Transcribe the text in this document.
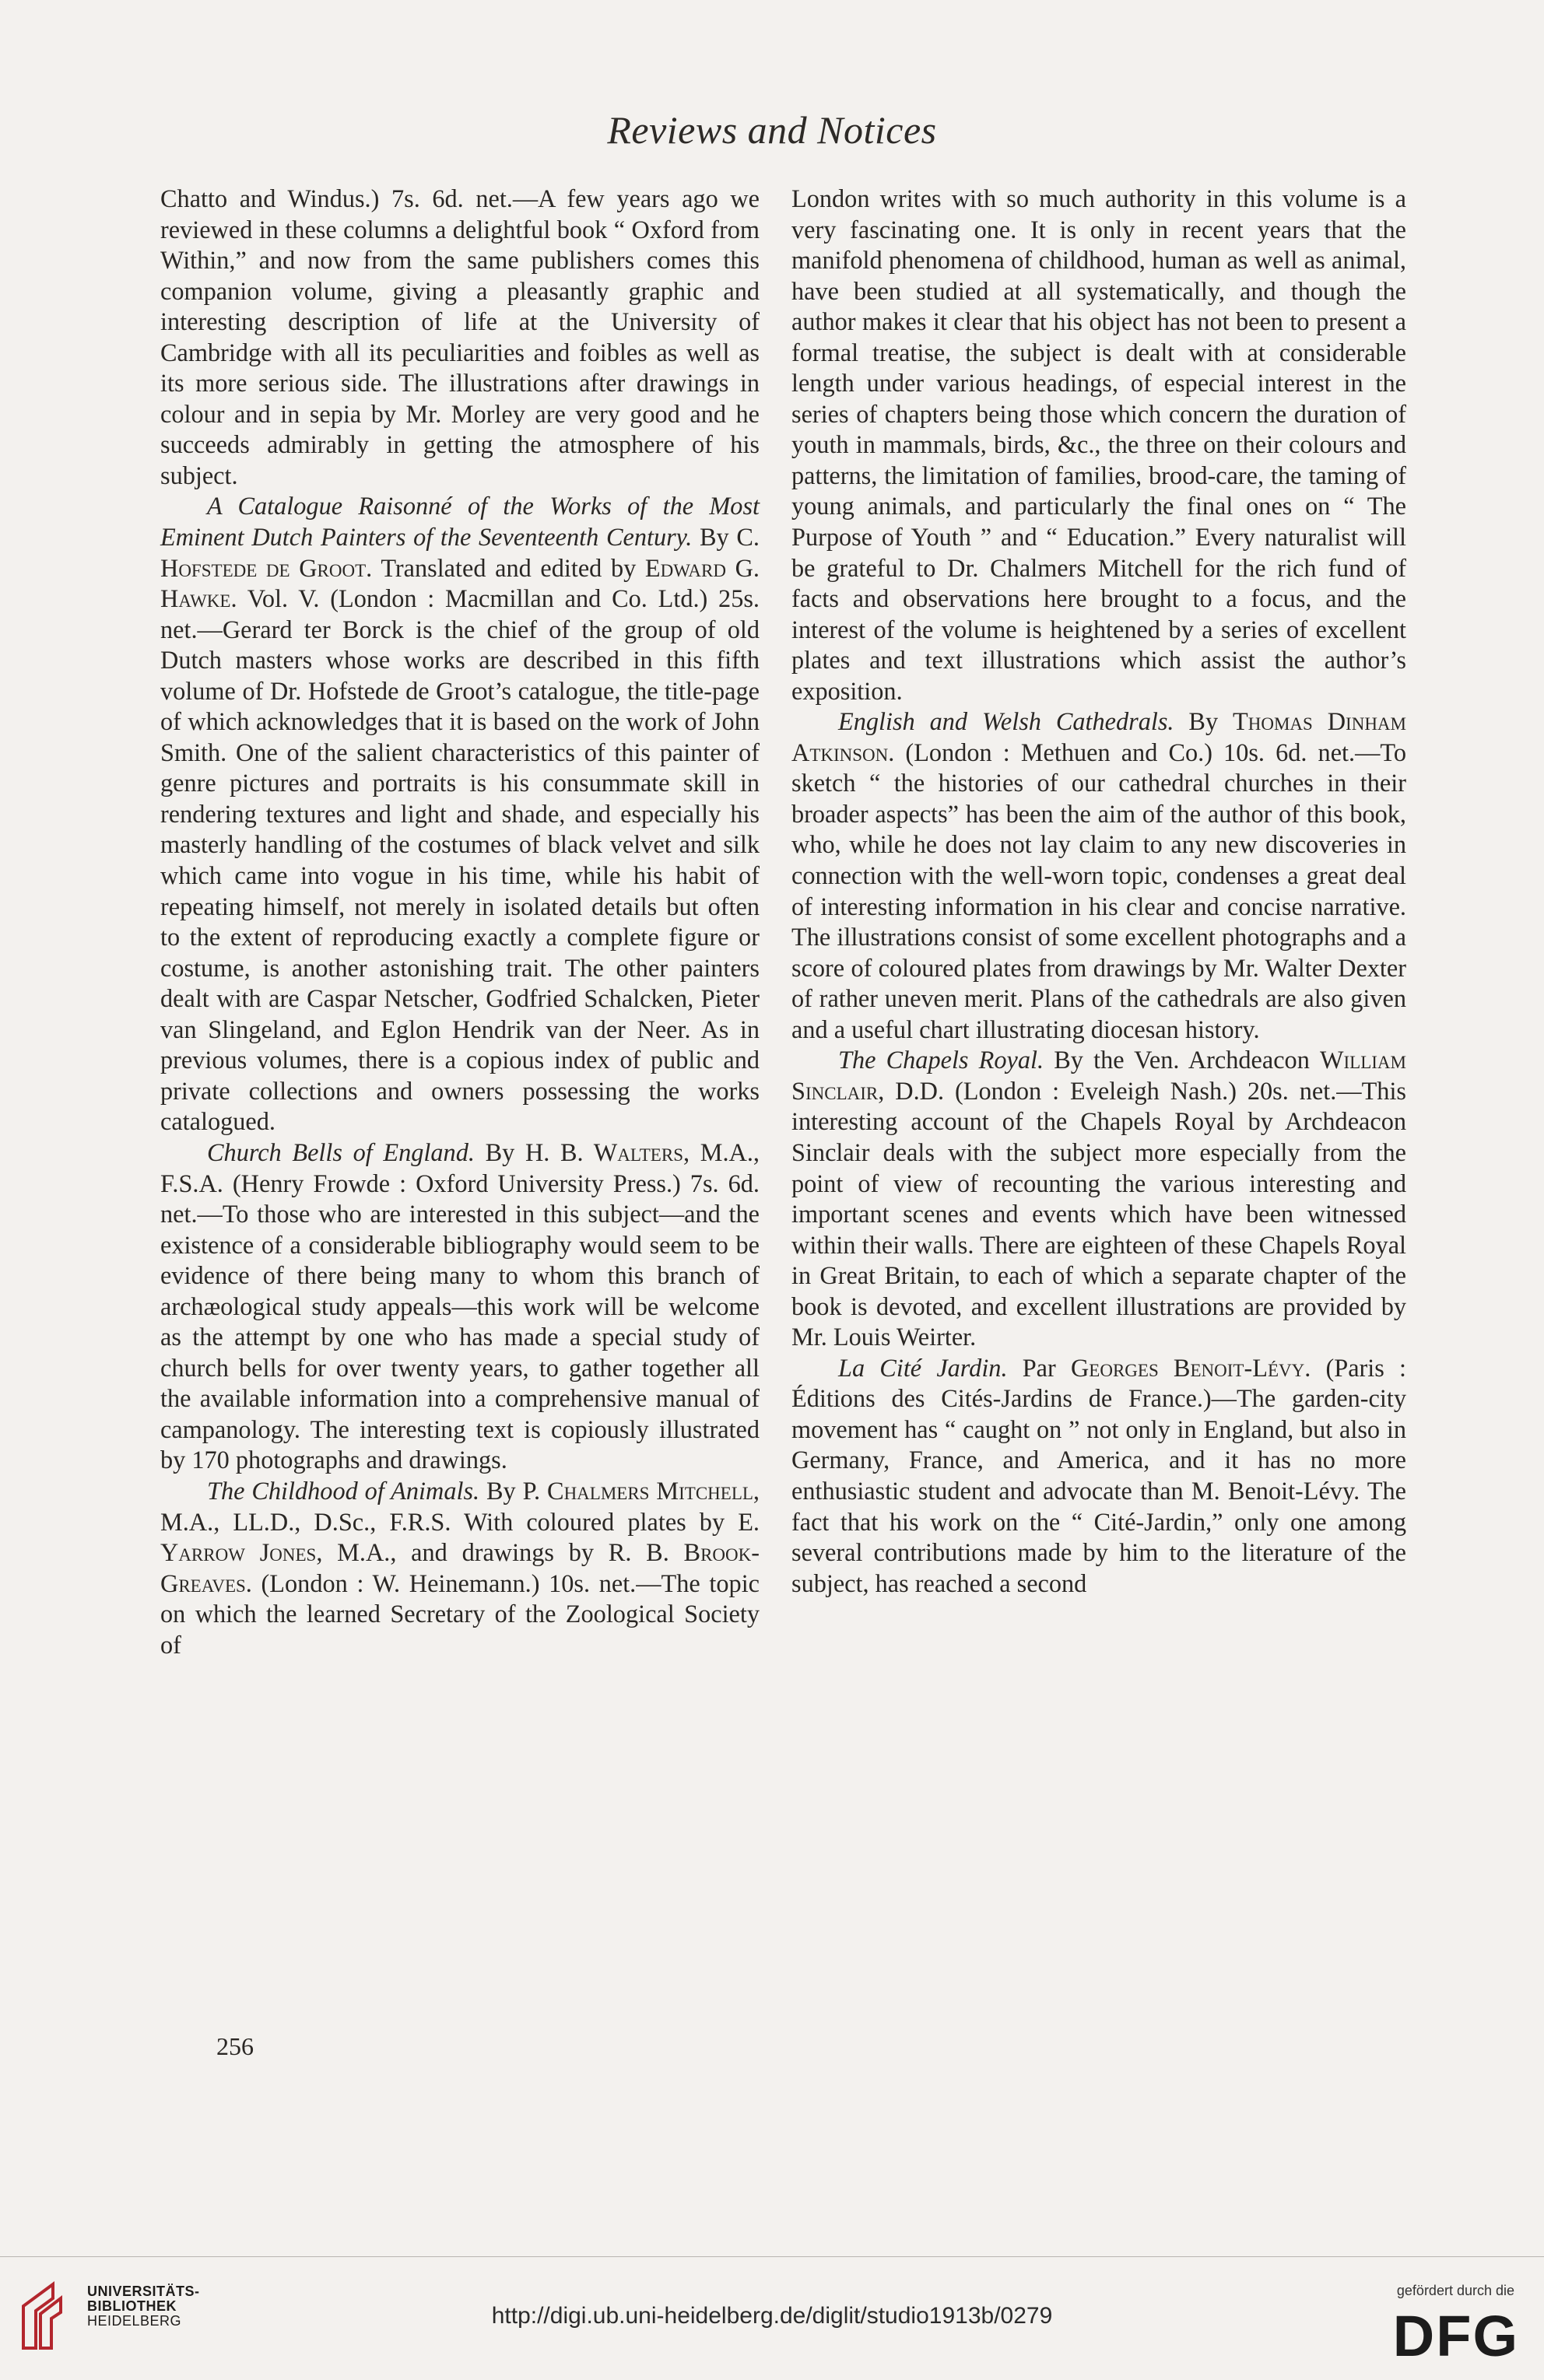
Reviews and Notices

Chatto and Windus.) 7s. 6d. net.—A few years ago we reviewed in these columns a delightful book “ Oxford from Within,” and now from the same publishers comes this companion volume, giving a pleasantly graphic and interesting description of life at the University of Cambridge with all its peculiarities and foibles as well as its more serious side. The illustrations after drawings in colour and in sepia by Mr. Morley are very good and he succeeds admirably in getting the atmosphere of his subject.

A Catalogue Raisonné of the Works of the Most Eminent Dutch Painters of the Seventeenth Century. By C. Hofstede de Groot. Translated and edited by Edward G. Hawke. Vol. V. (London : Macmillan and Co. Ltd.) 25s. net.—Gerard ter Borck is the chief of the group of old Dutch masters whose works are described in this fifth volume of Dr. Hofstede de Groot’s catalogue, the title-page of which acknowledges that it is based on the work of John Smith. One of the salient characteristics of this painter of genre pictures and portraits is his consummate skill in rendering textures and light and shade, and especially his masterly handling of the costumes of black velvet and silk which came into vogue in his time, while his habit of repeating himself, not merely in isolated details but often to the extent of reproducing exactly a complete figure or costume, is another astonishing trait. The other painters dealt with are Caspar Netscher, Godfried Schalcken, Pieter van Slingeland, and Eglon Hendrik van der Neer. As in previous volumes, there is a copious index of public and private collections and owners possessing the works catalogued.

Church Bells of England. By H. B. Walters, M.A., F.S.A. (Henry Frowde : Oxford University Press.) 7s. 6d. net.—To those who are interested in this subject—and the existence of a considerable bibliography would seem to be evidence of there being many to whom this branch of archæological study appeals—this work will be welcome as the attempt by one who has made a special study of church bells for over twenty years, to gather together all the available information into a comprehensive manual of campanology. The interesting text is copiously illustrated by 170 photographs and drawings.

The Childhood of Animals. By P. Chalmers Mitchell, M.A., LL.D., D.Sc., F.R.S. With coloured plates by E. Yarrow Jones, M.A., and drawings by R. B. Brook-Greaves. (London : W. Heinemann.) 10s. net.—The topic on which the learned Secretary of the Zoological Society of

London writes with so much authority in this volume is a very fascinating one. It is only in recent years that the manifold phenomena of childhood, human as well as animal, have been studied at all systematically, and though the author makes it clear that his object has not been to present a formal treatise, the subject is dealt with at considerable length under various headings, of especial interest in the series of chapters being those which concern the duration of youth in mammals, birds, &c., the three on their colours and patterns, the limitation of families, brood-care, the taming of young animals, and particularly the final ones on “ The Purpose of Youth ” and “ Education.” Every naturalist will be grateful to Dr. Chalmers Mitchell for the rich fund of facts and observations here brought to a focus, and the interest of the volume is heightened by a series of excellent plates and text illustrations which assist the author’s exposition.

English and Welsh Cathedrals. By Thomas Dinham Atkinson. (London : Methuen and Co.) 10s. 6d. net.—To sketch “ the histories of our cathedral churches in their broader aspects” has been the aim of the author of this book, who, while he does not lay claim to any new discoveries in connection with the well-worn topic, condenses a great deal of interesting information in his clear and concise narrative. The illustrations consist of some excellent photographs and a score of coloured plates from drawings by Mr. Walter Dexter of rather uneven merit. Plans of the cathedrals are also given and a useful chart illustrating diocesan history.

The Chapels Royal. By the Ven. Archdeacon William Sinclair, D.D. (London : Eveleigh Nash.) 20s. net.—This interesting account of the Chapels Royal by Archdeacon Sinclair deals with the subject more especially from the point of view of recounting the various interesting and important scenes and events which have been witnessed within their walls. There are eighteen of these Chapels Royal in Great Britain, to each of which a separate chapter of the book is devoted, and excellent illustrations are provided by Mr. Louis Weirter.

La Cité Jardin. Par Georges Benoit-Lévy. (Paris : Éditions des Cités-Jardins de France.)—The garden-city movement has “ caught on ” not only in England, but also in Germany, France, and America, and it has no more enthusiastic student and advocate than M. Benoit-Lévy. The fact that his work on the “ Cité-Jardin,” only one among several contributions made by him to the literature of the subject, has reached a second

256
UNIVERSITÄTS-
BIBLIOTHEK
HEIDELBERG	http://digi.ub.uni-heidelberg.de/diglit/studio1913b/0279
gefördert durch die
DFG
